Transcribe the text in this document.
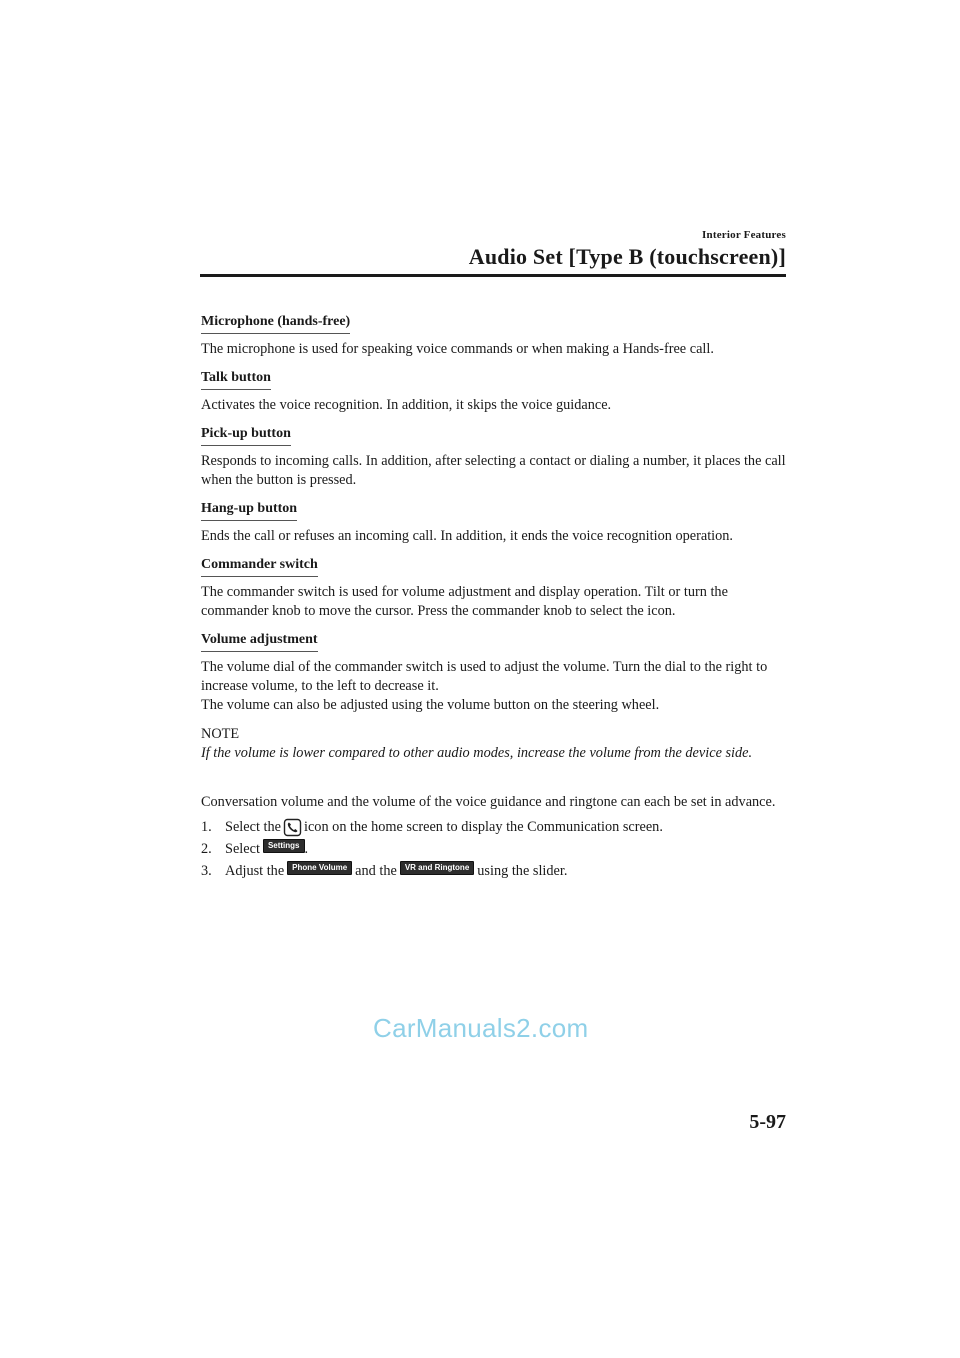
Interior Features
Audio Set [Type B (touchscreen)]
Microphone (hands-free)

The microphone is used for speaking voice commands or when making a Hands-free call.

Talk button

Activates the voice recognition. In addition, it skips the voice guidance.

Pick-up button

Responds to incoming calls. In addition, after selecting a contact or dialing a number, it places the call when the button is pressed.

Hang-up button

Ends the call or refuses an incoming call. In addition, it ends the voice recognition operation.

Commander switch

The commander switch is used for volume adjustment and display operation. Tilt or turn the commander knob to move the cursor. Press the commander knob to select the icon.

Volume adjustment

The volume dial of the commander switch is used to adjust the volume. Turn the dial to the right to increase volume, to the left to decrease it.

The volume can also be adjusted using the volume button on the steering wheel.

NOTE
If the volume is lower compared to other audio modes, increase the volume from the device side.

Conversation volume and the volume of the voice guidance and ringtone can each be set in advance.

1. Select the icon on the home screen to display the Communication screen.
2. Select	Settings .
3. Adjust the	Phone Volume and the	VR and Ringtone using the slider.
CarManuals2.com
5-97
